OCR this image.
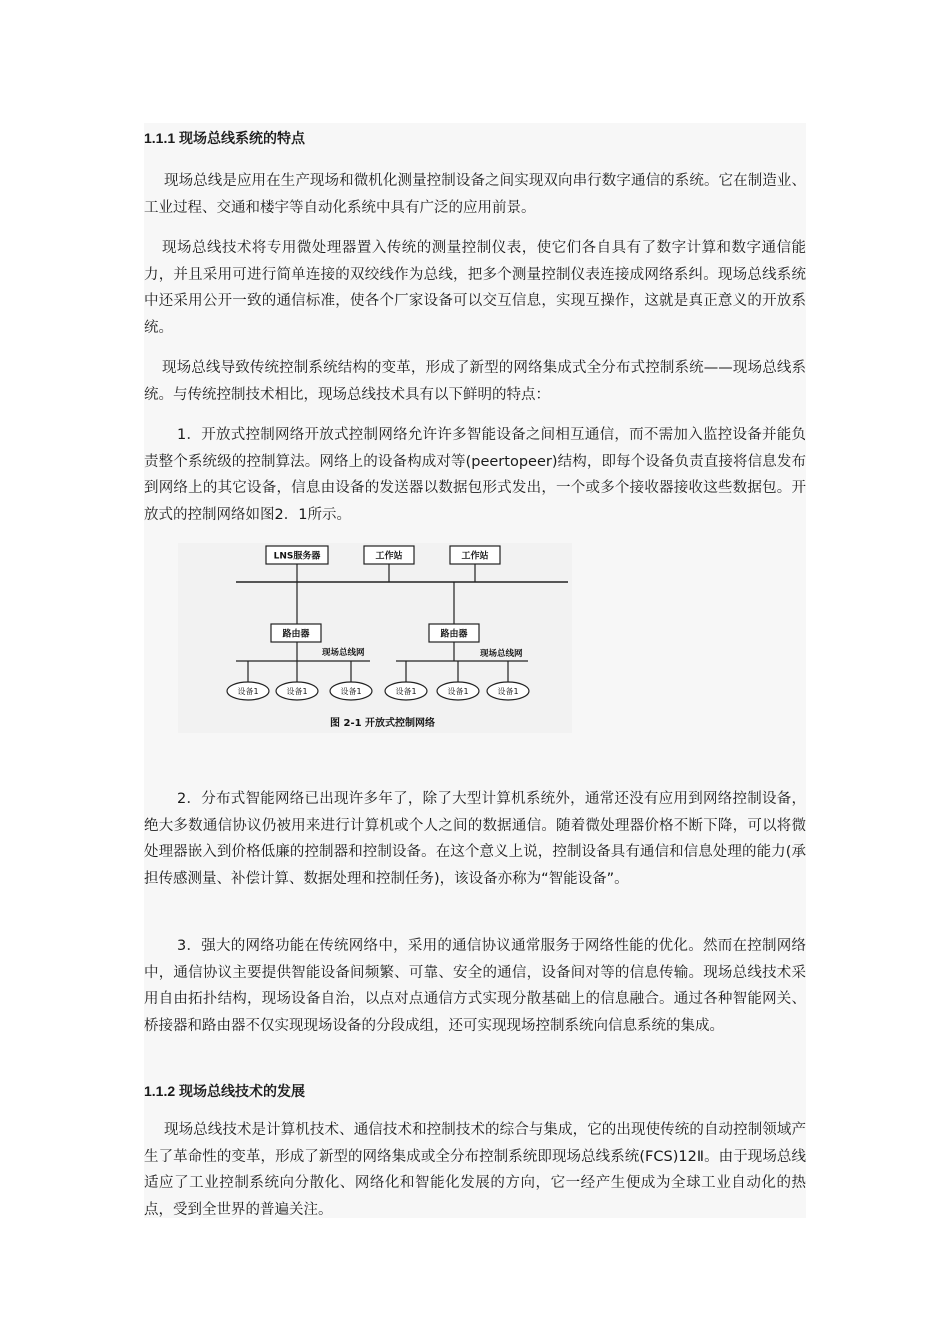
1.1.1 现场总线系统的特点

现场总线是应用在生产现场和微机化测量控制设备之间实现双向串行数字通信的系统。它在制造业、工业过程、交通和楼宇等自动化系统中具有广泛的应用前景。

现场总线技术将专用微处理器置入传统的测量控制仪表，使它们各自具有了数字计算和数字通信能力，并且采用可进行简单连接的双绞线作为总线，把多个测量控制仪表连接成网络系纠。现场总线系统中还采用公开一致的通信标准，使各个厂家设备可以交互信息，实现互操作，这就是真正意义的开放系统。

现场总线导致传统控制系统结构的变革，形成了新型的网络集成式全分布式控制系统——现场总线系统。与传统控制技术相比，现场总线技术具有以下鲜明的特点：

1．开放式控制网络开放式控制网络允许许多智能设备之间相互通信，而不需加入监控设备并能负责整个系统级的控制算法。网络上的设备构成对等(peertopeer)结构，即每个设备负责直接将信息发布到网络上的其它设备，信息由设备的发送器以数据包形式发出，一个或多个接收器接收这些数据包。开放式的控制网络如图2．1所示。

LNS服务器	工作站	工作站
路由器	路由器
现场总线网	现场总线网
设备1	设备1	设备1	设备1	设备1	设备1
图 2-1 开放式控制网络

2．分布式智能网络已出现许多年了，除了大型计算机系统外，通常还没有应用到网络控制设备，绝大多数通信协议仍被用来进行计算机或个人之间的数据通信。随着微处理器价格不断下降，可以将微处理器嵌入到价格低廉的控制器和控制设备。在这个意义上说，控制设备具有通信和信息处理的能力(承担传感测量、补偿计算、数据处理和控制任务)，该设备亦称为“智能设备”。

3．强大的网络功能在传统网络中，采用的通信协议通常服务于网络性能的优化。然而在控制网络中，通信协议主要提供智能设备间频繁、可靠、安全的通信，设备间对等的信息传输。现场总线技术采用自由拓扑结构，现场设备自治，以点对点通信方式实现分散基础上的信息融合。通过各种智能网关、桥接器和路由器不仅实现现场设备的分段成组，还可实现现场控制系统向信息系统的集成。

1.1.2 现场总线技术的发展

现场总线技术是计算机技术、通信技术和控制技术的综合与集成，它的出现使传统的自动控制领域产生了革命性的变革，形成了新型的网络集成或全分布控制系统即现场总线系统(FCS)12Ⅱ。由于现场总线适应了工业控制系统向分散化、网络化和智能化发展的方向，它一经产生便成为全球工业自动化的热点，受到全世界的普遍关注。
